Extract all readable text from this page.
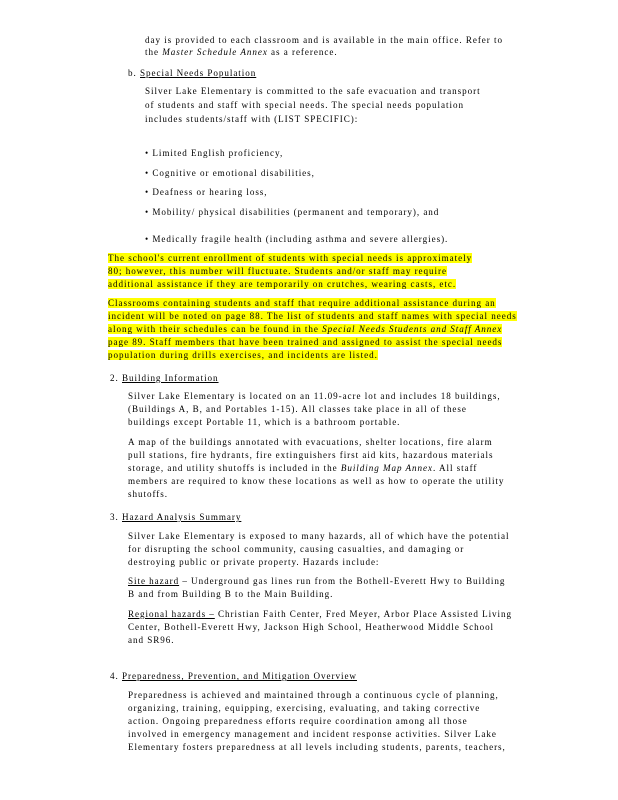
day is provided to each classroom and is available in the main office. Refer to
the Master Schedule Annex as a reference.
b. Special Needs Population
Silver Lake Elementary is committed to the safe evacuation and transport
of students and staff with special needs. The special needs population
includes students/staff with (LIST SPECIFIC):
• Limited English proficiency,
• Cognitive or emotional disabilities,
• Deafness or hearing loss,
• Mobility/ physical disabilities (permanent and temporary), and
• Medically fragile health (including asthma and severe allergies).
The school's current enrollment of students with special needs is approximately
80; however, this number will fluctuate. Students and/or staff may require
additional assistance if they are temporarily on crutches, wearing casts, etc.
Classrooms containing students and staff that require additional assistance during an
incident will be noted on page 88. The list of students and staff names with special needs
along with their schedules can be found in the Special Needs Students and Staff Annex
page 89. Staff members that have been trained and assigned to assist the special needs
population during drills exercises, and incidents are listed.
2. Building Information
Silver Lake Elementary is located on an 11.09-acre lot and includes 18 buildings,
(Buildings A, B, and Portables 1-15). All classes take place in all of these
buildings except Portable 11, which is a bathroom portable.
A map of the buildings annotated with evacuations, shelter locations, fire alarm
pull stations, fire hydrants, fire extinguishers first aid kits, hazardous materials
storage, and utility shutoffs is included in the Building Map Annex. All staff
members are required to know these locations as well as how to operate the utility
shutoffs.
3. Hazard Analysis Summary
Silver Lake Elementary is exposed to many hazards, all of which have the potential
for disrupting the school community, causing casualties, and damaging or
destroying public or private property. Hazards include:
Site hazard – Underground gas lines run from the Bothell-Everett Hwy to Building
B and from Building B to the Main Building.
Regional hazards – Christian Faith Center, Fred Meyer, Arbor Place Assisted Living
Center, Bothell-Everett Hwy, Jackson High School, Heatherwood Middle School
and SR96.
4. Preparedness, Prevention, and Mitigation Overview
Preparedness is achieved and maintained through a continuous cycle of planning,
organizing, training, equipping, exercising, evaluating, and taking corrective
action. Ongoing preparedness efforts require coordination among all those
involved in emergency management and incident response activities. Silver Lake
Elementary fosters preparedness at all levels including students, parents, teachers,
